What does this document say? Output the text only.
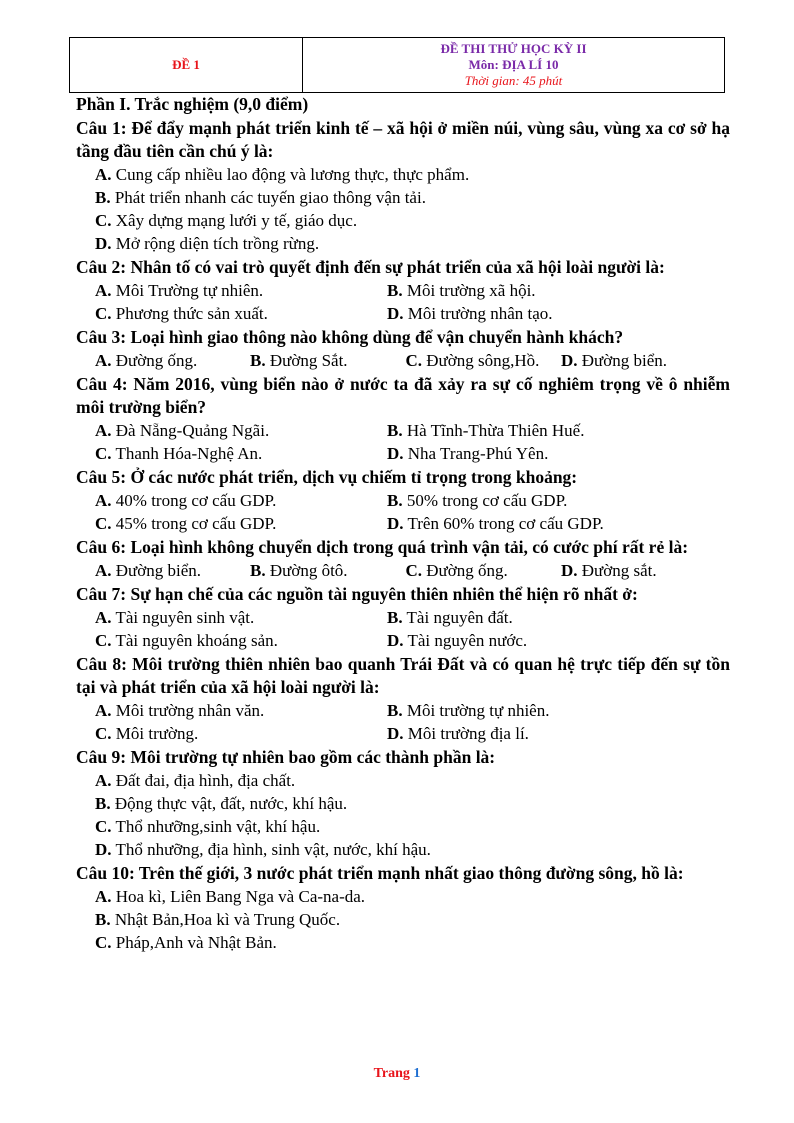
ĐỀ 1	
ĐỀ THI THỬ HỌC KỲ II
Môn: ĐỊA LÍ 10
Thời gian: 45 phút
Phần I. Trắc nghiệm (9,0 điểm)
Câu 1: Để đẩy mạnh phát triển kinh tế – xã hội ở miền núi, vùng sâu, vùng xa cơ sở hạ tầng đầu tiên cần chú ý là:
A. Cung cấp nhiều lao động và lương thực, thực phẩm.
B. Phát triển nhanh các tuyến giao thông vận tải.
C. Xây dựng mạng lưới y tế, giáo dục.
D. Mở rộng diện tích trồng rừng.
Câu 2: Nhân tố có vai trò quyết định đến sự phát triển của xã hội loài người là:
A. Môi Trường tự nhiên.	B. Môi trường xã hội.
C. Phương thức sản xuất.	D. Môi trường nhân tạo.
Câu 3: Loại hình giao thông nào không dùng để vận chuyển hành khách?
A. Đường ống.	B. Đường Sắt.	C. Đường sông,Hồ.	D. Đường biển.
Câu 4: Năm 2016, vùng biển nào ở nước ta đã xảy ra sự cố nghiêm trọng về ô nhiễm môi trường biển?
A. Đà Nẵng-Quảng Ngãi.	B. Hà Tĩnh-Thừa Thiên Huế.
C. Thanh Hóa-Nghệ An.	D. Nha Trang-Phú Yên.
Câu 5: Ở các nước phát triển, dịch vụ chiếm tỉ trọng trong khoảng:
A. 40% trong cơ cấu GDP.	B. 50% trong cơ cấu GDP.
C. 45% trong cơ cấu GDP.	D. Trên 60% trong cơ cấu GDP.
Câu 6: Loại hình không chuyển dịch trong quá trình vận tải, có cước phí rất rẻ là:
A. Đường biển.	B. Đường ôtô.	C. Đường ống.	D. Đường sắt.
Câu 7: Sự hạn chế của các nguồn tài nguyên thiên nhiên thể hiện rõ nhất ở:
A. Tài nguyên sinh vật.	B. Tài nguyên đất.
C. Tài nguyên khoáng sản.	D. Tài nguyên nước.
Câu 8: Môi trường thiên nhiên bao quanh Trái Đất và có quan hệ trực tiếp đến sự tồn tại và phát triển của xã hội loài người là:
A. Môi trường nhân văn.	B. Môi trường tự nhiên.
C. Môi trường.	D. Môi trường địa lí.
Câu 9: Môi trường tự nhiên bao gồm các thành phần là:
A. Đất đai, địa hình, địa chất.
B. Động thực vật, đất, nước, khí hậu.
C. Thổ nhưỡng,sinh vật, khí hậu.
D. Thổ nhưỡng, địa hình, sinh vật, nước, khí hậu.
Câu 10: Trên thế giới, 3 nước phát triển mạnh nhất giao thông đường sông, hồ là:
A. Hoa kì, Liên Bang Nga và Ca-na-da.
B. Nhật Bản,Hoa kì và Trung Quốc.
C. Pháp,Anh và Nhật Bản.
Trang 1
